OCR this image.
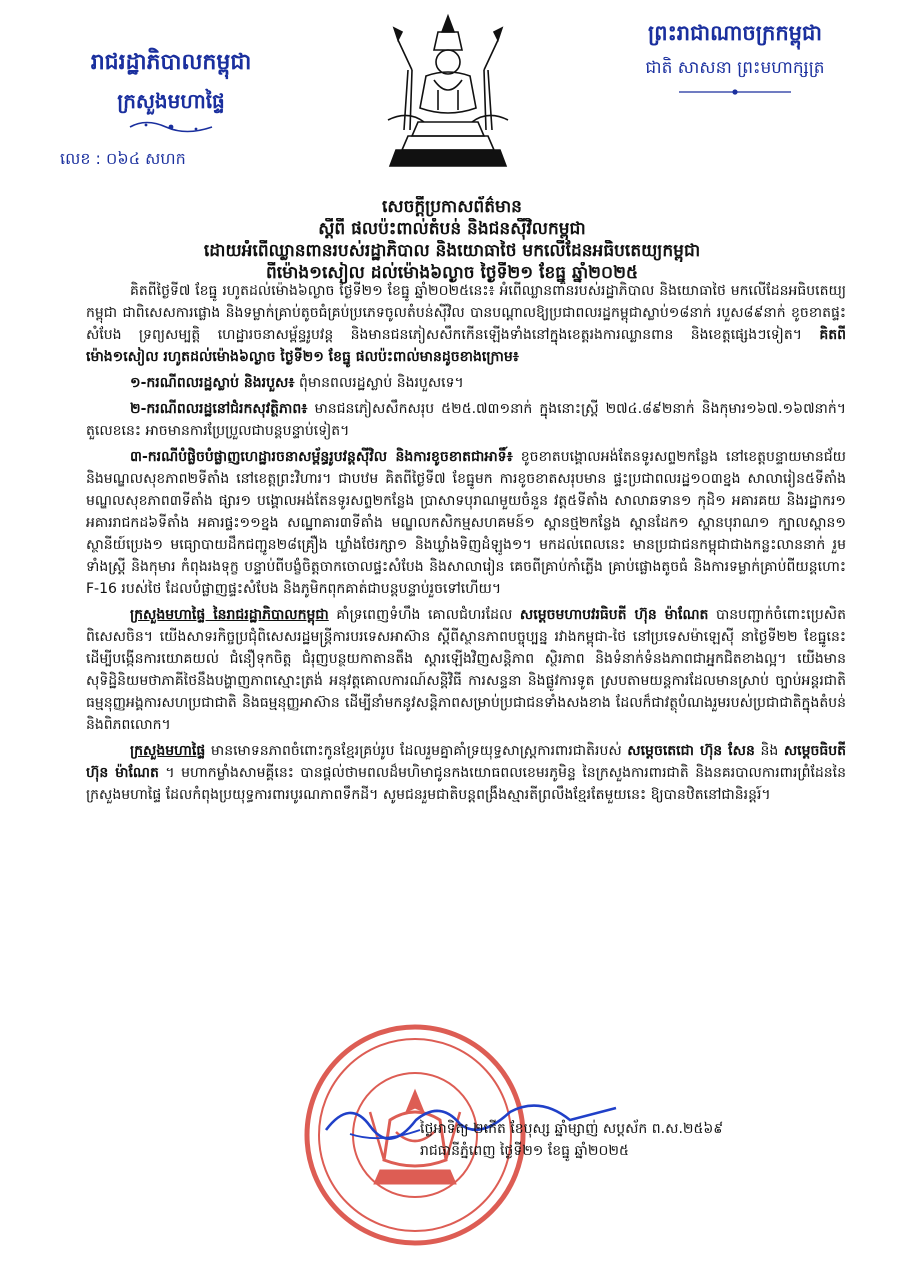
រាជរដ្ឋាភិបាលកម្ពុជា
ក្រសួងមហាផ្ទៃ
លេខ : ០៦៤ សហក
ព្រះរាជាណាចក្រកម្ពុជា
ជាតិ សាសនា ព្រះមហាក្សត្រ
សេចក្តីប្រកាសព័ត៌មាន
ស្តីពី ផលប៉ះពាល់តំបន់ និងជនស៊ីវិលកម្ពុជា
ដោយអំពើឈ្លានពានរបស់រដ្ឋាភិបាល និងយោធាថៃ មកលើដែនអធិបតេយ្យកម្ពុជា
ពីម៉ោង១សៀល ដល់ម៉ោង៦ល្ងាច ថ្ងៃទី២១ ខែធ្នូ ឆ្នាំ២០២៥

គិតពីថ្ងៃទី៧ ខែធ្នូ រហូតដល់ម៉ោង៦ល្ងាច ថ្ងៃទី២១ ខែធ្នូ ឆ្នាំ២០២៥នេះ៖ អំពើឈ្លានពានរបស់រដ្ឋាភិបាល និងយោធាថៃ មកលើដែនអធិបតេយ្យកម្ពុជា ជាពិសេសការផ្លោង និងទម្លាក់គ្រាប់តូចធំគ្រប់ប្រភេទចូលតំបន់ស៊ីវិល បានបណ្តាលឱ្យប្រជាពលរដ្ឋកម្ពុជាស្លាប់១៨នាក់ របួស៨៩នាក់ ខូចខាតផ្ទះសំបែង ទ្រព្យសម្បត្តិ ហេដ្ឋារចនាសម្ព័ន្ធរូបវន្ត និងមានជនភៀសសឹកកើនឡើងទាំងនៅក្នុងខេត្តរងការឈ្លានពាន និងខេត្តផ្សេងៗទៀត។ គិតពីម៉ោង១សៀល រហូតដល់ម៉ោង៦ល្ងាច ថ្ងៃទី២១ ខែធ្នូ ផលប៉ះពាល់មានដូចខាងក្រោម៖

១-ករណីពលរដ្ឋស្លាប់ និងរបួស៖ ពុំមានពលរដ្ឋស្លាប់ និងរបួសទេ។

២-ករណីពលរដ្ឋនៅជំរកសុវត្ថិភាព៖ មានជនភៀសសឹកសរុប ៥២៥.៧៣១នាក់ ក្នុងនោះស្ត្រី ២៧៤.៨៩២នាក់ និងកុមារ១៦៧.១៦៧នាក់។ តួលេខនេះ អាចមានការប្រែប្រួលជាបន្តបន្ទាប់ទៀត។

៣-ករណីបំផ្លិចបំផ្លាញហេដ្ឋារចនាសម្ព័ន្ធរូបវន្តស៊ីវិល និងការខូចខាតជាអាទិ៍៖ ខូចខាតបង្គោលអង់តែនទូរសព្ទ២កន្លែង នៅខេត្តបន្ទាយមានជ័យ និងមណ្ឌលសុខភាព២ទីតាំង នៅខេត្តព្រះវិហារ។ ជាបឋម គិតពីថ្ងៃទី៧ ខែធ្នូមក ការខូចខាតសរុបមាន ផ្ទះប្រជាពលរដ្ឋ១០៣ខ្នង សាលារៀន៥ទីតាំង មណ្ឌលសុខភាព៣ទីតាំង ផ្សារ១ បង្គោលអង់តែនទូរសព្ទ២កន្លែង ប្រាសាទបុរាណមួយចំនួន វត្ត៥ទីតាំង សាលាឆទាន១ កុដិ១ អគារគយ និងរដ្ឋាករ១ អគាររាជកដ៦ទីតាំង អគារផ្ទះ១១ខ្នង សណ្ឋាគារ៣ទីតាំង មណ្ឌលកសិកម្មសហគមន៍១ ស្ពានថ្ម២កន្លែង ស្ពានដែក១ ស្ពានបុរាណ១ ក្បាលស្ពាន១ ស្ថានីយ៍ប្រេង១ មធ្យោបាយដឹកជញ្ជូន២៨គ្រឿង ឃ្លាំងថែរក្សា១ និងឃ្លាំងទិញដំឡូង១។ មកដល់ពេលនេះ មានប្រជាជនកម្ពុជាជាងកន្លះលាននាក់ រួមទាំងស្ត្រី និងកុមារ កំពុងរងទុក្ខ បន្ទាប់ពីបង្ខំចិត្តចាកចោលផ្ទះសំបែង និងសាលារៀន គេចពីគ្រាប់កាំភ្លើង គ្រាប់ផ្លោងតូចធំ និងការទម្លាក់គ្រាប់ពីយន្តហោះ F-16 របស់ថៃ ដែលបំផ្លាញផ្ទះសំបែង និងភូមិកពុកគាត់ជាបន្តបន្ទាប់រួចទៅហើយ។

ក្រសួងមហាផ្ទៃ នៃរាជរដ្ឋាភិបាលកម្ពុជា គាំទ្រពេញទំហឹង គោលជំហរដែល សម្តេចមហាបវរធិបតី ហ៊ុន ម៉ាណែត បានបញ្ជាក់ចំពោះប្រេសិតពិសេសចិន។ យើងសាទរកិច្ចប្រជុំពិសេសរដ្ឋមន្ត្រីការបរទេសអាស៊ាន ស្តីពីស្ថានភាពបច្ចុប្បន្ន រវាងកម្ពុជា-ថៃ នៅប្រទេសម៉ាឡេស៊ី នាថ្ងៃទី២២ ខែធ្នូនេះ ដើម្បីបង្កើនការយោគយល់ ជំនឿទុកចិត្ត ជំរុញបន្ថយកាតានតឹង ស្តារឡើងវិញសន្តិភាព ស្ថិរភាព និងទំនាក់ទំនងភាពជាអ្នកជិតខាងល្អ។ យើងមានសុទិដ្ឋិនិយមថាភាគីថៃនឹងបង្ហាញភាពស្មោះត្រង់ អនុវត្តគោលការណ៍សន្តិវិធី ការសន្ទនា និងផ្លូវការទូត ស្របតាមយន្តការដែលមានស្រាប់ ច្បាប់អន្តរជាតិ ធម្មនុញ្ញអង្គការសហប្រជាជាតិ និងធម្មនុញ្ញអាស៊ាន ដើម្បីនាំមកនូវសន្តិភាពសម្រាប់ប្រជាជនទាំងសងខាង ដែលក៏ជាវត្ថុបំណងរួមរបស់ប្រជាជាតិក្នុងតំបន់ និងពិភពលោក។

ក្រសួងមហាផ្ទៃ មានមោទនភាពចំពោះកូនខ្មែរគ្រប់រូប ដែលរួមគ្នាគាំទ្រយុទ្ធសាស្ត្រការពារជាតិរបស់ សម្តេចតេជោ ហ៊ុន សែន និង សម្តេចធិបតី ហ៊ុន ម៉ាណែត ។ មហាកម្លាំងសាមគ្គីនេះ បានផ្តល់ថាមពលដ៏មហិមាជូនកងយោធពលខេមរភូមិន្ទ នៃក្រសួងការពារជាតិ និងនគរបាលការពារព្រំដែននៃក្រសួងមហាផ្ទៃ ដែលកំពុងប្រយុទ្ធការពារបូរណភាពទឹកដី។ សូមជនរួមជាតិបន្តពង្រឹងស្មារតីព្រលឹងខ្មែរតែមួយនេះ ឱ្យបានឋិតនៅជានិរន្តរ៍។

ថ្ងៃអាទិត្យ ២កើត ខែបុស្ស ឆ្នាំម្សាញ់ សប្តស័ក ព.ស.២៥៦៩
រាជធានីភ្នំពេញ ថ្ងៃទី២១ ខែធ្នូ ឆ្នាំ២០២៥
